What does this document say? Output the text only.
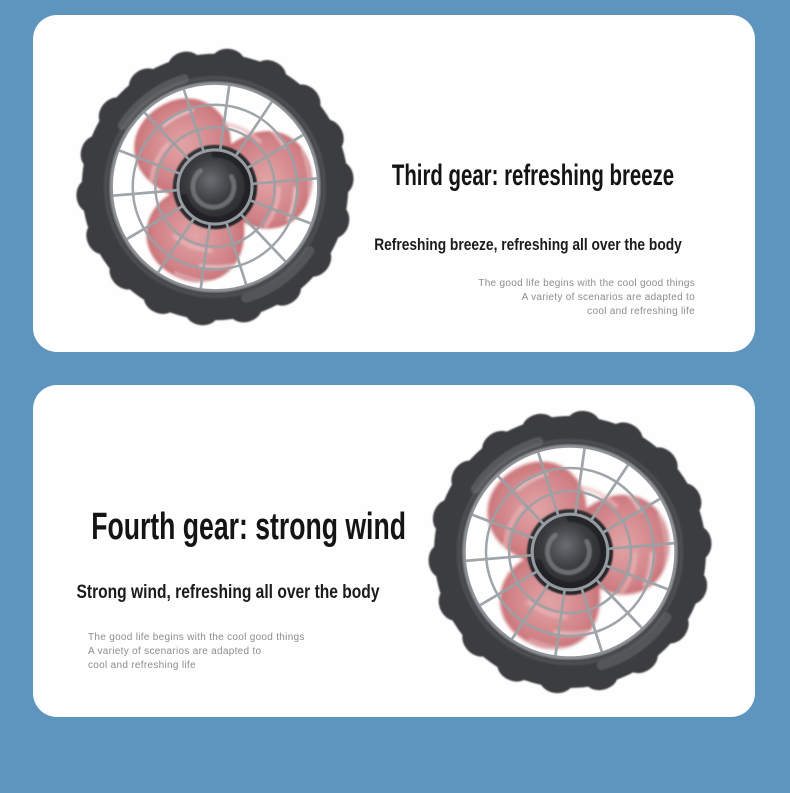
Third gear: refreshing breeze
Refreshing breeze, refreshing all over the body

The good life begins with the cool good things
A variety of scenarios are adapted to
cool and refreshing life

Fourth gear: strong wind
Strong wind, refreshing all over the body

The good life begins with the cool good things
A variety of scenarios are adapted to
cool and refreshing life
